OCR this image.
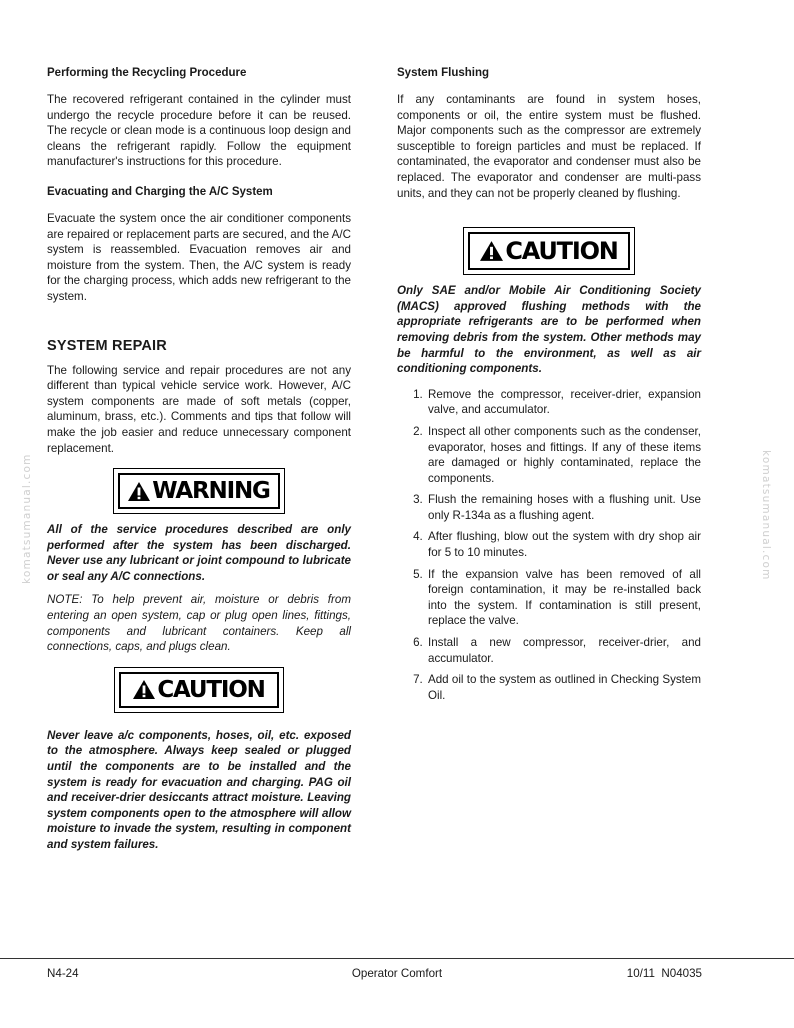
Performing the Recycling Procedure

The recovered refrigerant contained in the cylinder must undergo the recycle procedure before it can be reused. The recycle or clean mode is a continuous loop design and cleans the refrigerant rapidly. Follow the equipment manufacturer's instructions for this procedure.

Evacuating and Charging the A/C System

Evacuate the system once the air conditioner components are repaired or replacement parts are secured, and the A/C system is reassembled. Evacuation removes air and moisture from the system. Then, the A/C system is ready for the charging process, which adds new refrigerant to the system.

SYSTEM REPAIR

The following service and repair procedures are not any different than typical vehicle service work. However, A/C system components are made of soft metals (copper, aluminum, brass, etc.). Comments and tips that follow will make the job easier and reduce unnecessary component replacement.

WARNING

All of the service procedures described are only performed after the system has been discharged. Never use any lubricant or joint compound to lubricate or seal any A/C connections.

NOTE: To help prevent air, moisture or debris from entering an open system, cap or plug open lines, fittings, components and lubricant containers. Keep all connections, caps, and plugs clean.

CAUTION

Never leave a/c components, hoses, oil, etc. exposed to the atmosphere. Always keep sealed or plugged until the components are to be installed and the system is ready for evacuation and charging. PAG oil and receiver-drier desiccants attract moisture. Leaving system components open to the atmosphere will allow moisture to invade the system, resulting in component and system failures.

System Flushing

If any contaminants are found in system hoses, components or oil, the entire system must be flushed. Major components such as the compressor are extremely susceptible to foreign particles and must be replaced. If contaminated, the evaporator and condenser must also be replaced. The evaporator and condenser are multi-pass units, and they can not be properly cleaned by flushing.

CAUTION

Only SAE and/or Mobile Air Conditioning Society (MACS) approved flushing methods with the appropriate refrigerants are to be performed when removing debris from the system. Other methods may be harmful to the environment, as well as air conditioning components.

1. Remove the compressor, receiver-drier, expansion valve, and accumulator.
2. Inspect all other components such as the condenser, evaporator, hoses and fittings. If any of these items are damaged or highly contaminated, replace the components.
3. Flush the remaining hoses with a flushing unit. Use only R-134a as a flushing agent.
4. After flushing, blow out the system with dry shop air for 5 to 10 minutes.
5. If the expansion valve has been removed of all foreign contamination, it may be re-installed back into the system. If contamination is still present, replace the valve.
6. Install a new compressor, receiver-drier, and accumulator.
7. Add oil to the system as outlined in Checking System Oil.
komatsumanual.com	komatsumanual.com
N4-24	Operator Comfort	10/11 N04035
